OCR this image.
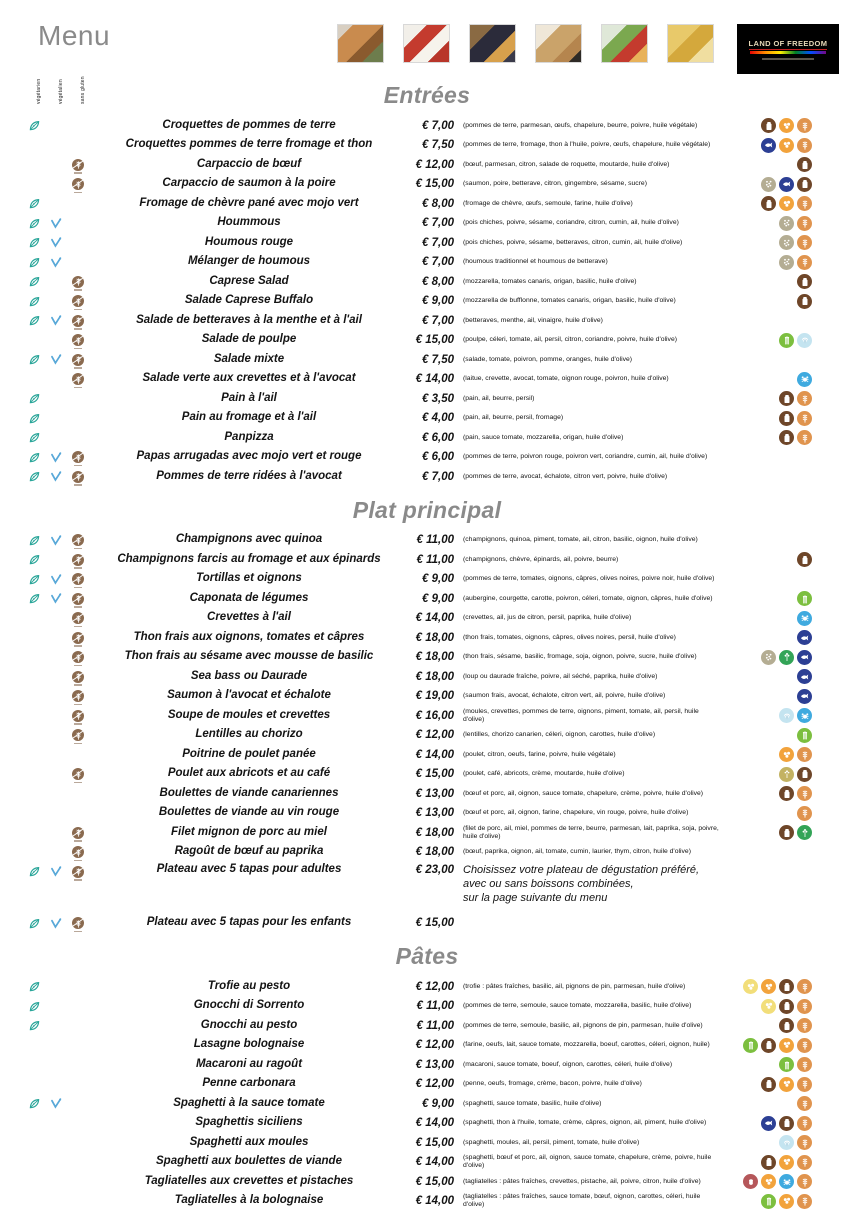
Menu	LAND OF FREEDOM
végétarien	végétalien	sans gluten	Entrées
Croquettes de pommes de terre	€ 7,00	(pommes de terre, parmesan, œufs, chapelure, beurre, poivre, huile végétale)
Croquettes pommes de terre fromage et thon	€ 7,50	(pommes de terre, fromage, thon à l'huile, poivre, œufs, chapelure, huile végétale)
Carpaccio de bœuf	€ 12,00	(bœuf, parmesan, citron, salade de roquette, moutarde, huile d'olive)
Carpaccio de saumon à la poire	€ 15,00	(saumon, poire, betterave, citron, gingembre, sésame, sucre)
Fromage de chèvre pané avec mojo vert	€ 8,00	(fromage de chèvre, œufs, semoule, farine, huile d'olive)
Hoummous	€ 7,00	(pois chiches, poivre, sésame, coriandre, citron, cumin, ail, huile d'olive)
Houmous rouge	€ 7,00	(pois chiches, poivre, sésame, betteraves, citron, cumin, ail, huile d'olive)
Mélanger de houmous	€ 7,00	(houmous traditionnel et houmous de betterave)
Caprese Salad	€ 8,00	(mozzarella, tomates canaris, origan, basilic, huile d'olive)
Salade Caprese Buffalo	€ 9,00	(mozzarella de bufflonne, tomates canaris, origan, basilic, huile d'olive)
Salade de betteraves à la menthe et à l'ail	€ 7,00	(betteraves, menthe, ail, vinaigre, huile d'olive)
Salade de poulpe	€ 15,00	(poulpe, céleri, tomate, ail, persil, citron, coriandre, poivre, huile d'olive)
Salade mixte	€ 7,50	(salade, tomate, poivron, pomme, oranges, huile d'olive)
Salade verte aux crevettes et à l'avocat	€ 14,00	(laitue, crevette, avocat, tomate, oignon rouge, poivron, huile d'olive)
Pain à l'ail	€ 3,50	(pain, ail, beurre, persil)
Pain au fromage et à l'ail	€ 4,00	(pain, ail, beurre, persil, fromage)
Panpizza	€ 6,00	(pain, sauce tomate, mozzarella, origan, huile d'olive)
Papas arrugadas avec mojo vert et rouge	€ 6,00	(pommes de terre, poivron rouge, poivron vert, coriandre, cumin, ail, huile d'olive)
Pommes de terre ridées à l'avocat	€ 7,00	(pommes de terre, avocat, échalote, citron vert, poivre, huile d'olive)
Plat principal
Champignons avec quinoa	€ 11,00	(champignons, quinoa, piment, tomate, ail, citron, basilic, oignon, huile d'olive)
Champignons farcis au fromage et aux épinards	€ 11,00	(champignons, chèvre, épinards, ail, poivre, beurre)
Tortillas et oignons	€ 9,00	(pommes de terre, tomates, oignons, câpres, olives noires, poivre noir, huile d'olive)
Caponata de légumes	€ 9,00	(aubergine, courgette, carotte, poivron, céleri, tomate, oignon, câpres, huile d'olive)
Crevettes à l'ail	€ 14,00	(crevettes, ail, jus de citron, persil, paprika, huile d'olive)
Thon frais aux oignons, tomates et câpres	€ 18,00	(thon frais, tomates, oignons, câpres, olives noires, persil, huile d'olive)
Thon frais au sésame avec mousse de basilic	€ 18,00	(thon frais, sésame, basilic, fromage, soja, oignon, poivre, sucre, huile d'olive)
Sea bass ou Daurade	€ 18,00	(loup ou daurade fraîche, poivre, ail séché, paprika, huile d'olive)
Saumon à l'avocat et échalote	€ 19,00	(saumon frais, avocat, échalote, citron vert, ail, poivre, huile d'olive)
Soupe de moules et crevettes	€ 16,00	(moules, crevettes, pommes de terre, oignons, piment, tomate, ail, persil, huile d'olive)
Lentilles au chorizo	€ 12,00	(lentilles, chorizo canarien, céleri, oignon, carottes, huile d'olive)
Poitrine de poulet panée	€ 14,00	(poulet, citron, oeufs, farine, poivre, huile végétale)
Poulet aux abricots et au café	€ 15,00	(poulet, café, abricots, crème, moutarde, huile d'olive)
Boulettes de viande canariennes	€ 13,00	(bœuf et porc, ail, oignon, sauce tomate, chapelure, crème, poivre, huile d'olive)
Boulettes de viande au vin rouge	€ 13,00	(bœuf et porc, ail, oignon, farine, chapelure, vin rouge, poivre, huile d'olive)
Filet mignon de porc au miel	€ 18,00	(filet de porc, ail, miel, pommes de terre, beurre, parmesan, lait, paprika, soja, poivre, huile d'olive)
Ragoût de bœuf au paprika	€ 18,00	(bœuf, paprika, oignon, ail, tomate, cumin, laurier, thym, citron, huile d'olive)
Plateau avec 5 tapas pour adultes	€ 23,00 Choisissez votre plateau de dégustation préféré,
avec ou sans boissons combinées,
sur la page suivante du menu
Plateau avec 5 tapas pour les enfants	€ 15,00
Pâtes
Trofie au pesto	€ 12,00	(trofie : pâtes fraîches, basilic, ail, pignons de pin, parmesan, huile d'olive)
Gnocchi di Sorrento	€ 11,00	(pommes de terre, semoule, sauce tomate, mozzarella, basilic, huile d'olive)
Gnocchi au pesto	€ 11,00	(pommes de terre, semoule, basilic, ail, pignons de pin, parmesan, huile d'olive)
Lasagne bolognaise	€ 12,00	(farine, oeufs, lait, sauce tomate, mozzarella, boeuf, carottes, céleri, oignon, huile)
Macaroni au ragoût	€ 13,00	(macaroni, sauce tomate, boeuf, oignon, carottes, céleri, huile d'olive)
Penne carbonara	€ 12,00	(penne, oeufs, fromage, crème, bacon, poivre, huile d'olive)
Spaghetti à la sauce tomate	€ 9,00	(spaghetti, sauce tomate, basilic, huile d'olive)
Spaghettis siciliens	€ 14,00	(spaghetti, thon à l'huile, tomate, crème, câpres, oignon, ail, piment, huile d'olive)
Spaghetti aux moules	€ 15,00	(spaghetti, moules, ail, persil, piment, tomate, huile d'olive)
Spaghetti aux boulettes de viande	€ 14,00	(spaghetti, bœuf et porc, ail, oignon, sauce tomate, chapelure, crème, poivre, huile d'olive)
Tagliatelles aux crevettes et pistaches	€ 15,00	(tagliatelles : pâtes fraîches, crevettes, pistache, ail, poivre, citron, huile d'olive)
Tagliatelles à la bolognaise	€ 14,00	(tagliatelles : pâtes fraîches, sauce tomate, bœuf, oignon, carottes, céleri, huile d'olive)
